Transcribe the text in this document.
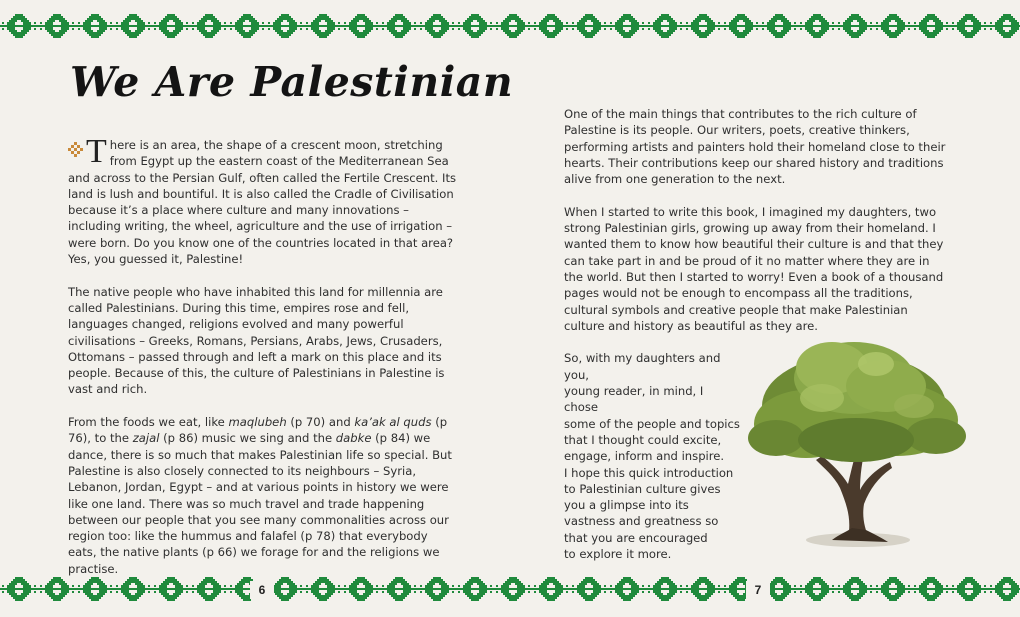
6	7
We Are Palestinian

There is an area, the shape of a crescent moon, stretching from Egypt up the eastern coast of the Mediterranean Sea and across to the Persian Gulf, often called the Fertile Crescent. Its land is lush and bountiful. It is also called the Cradle of Civilisation because it’s a place where culture and many innovations – including writing, the wheel, agriculture and the use of irrigation – were born. Do you know one of the countries located in that area? Yes, you guessed it, Palestine!

The native people who have inhabited this land for millennia are called Palestinians. During this time, empires rose and fell, languages changed, religions evolved and many powerful civilisations – Greeks, Romans, Persians, Arabs, Jews, Crusaders, Ottomans – passed through and left a mark on this place and its people. Because of this, the culture of Palestinians in Palestine is vast and rich.

From the foods we eat, like maqlubeh (p 70) and ka’ak al quds (p 76), to the zajal (p 86) music we sing and the dabke (p 84) we dance, there is so much that makes Palestinian life so special. But Palestine is also closely connected to its neighbours – Syria, Lebanon, Jordan, Egypt – and at various points in history we were like one land. There was so much travel and trade happening between our people that you see many commonalities across our region too: like the hummus and falafel (p 78) that everybody eats, the native plants (p 66) we forage for and the religions we practise.

One of the main things that contributes to the rich culture of Palestine is its people. Our writers, poets, creative thinkers, performing artists and painters hold their homeland close to their hearts. Their contributions keep our shared history and traditions alive from one generation to the next.

When I started to write this book, I imagined my daughters, two strong Palestinian girls, growing up away from their homeland. I wanted them to know how beautiful their culture is and that they can take part in and be proud of it no matter where they are in the world. But then I started to worry! Even a book of a thousand pages would not be enough to encompass all the traditions, cultural symbols and creative people that make Palestinian culture and history as beautiful as they are.

So, with my daughters and you,
young reader, in mind, I chose
some of the people and topics
that I thought could excite,
engage, inform and inspire.
I hope this quick introduction
to Palestinian culture gives
you a glimpse into its
vastness and greatness so
that you are encouraged
to explore it more.
